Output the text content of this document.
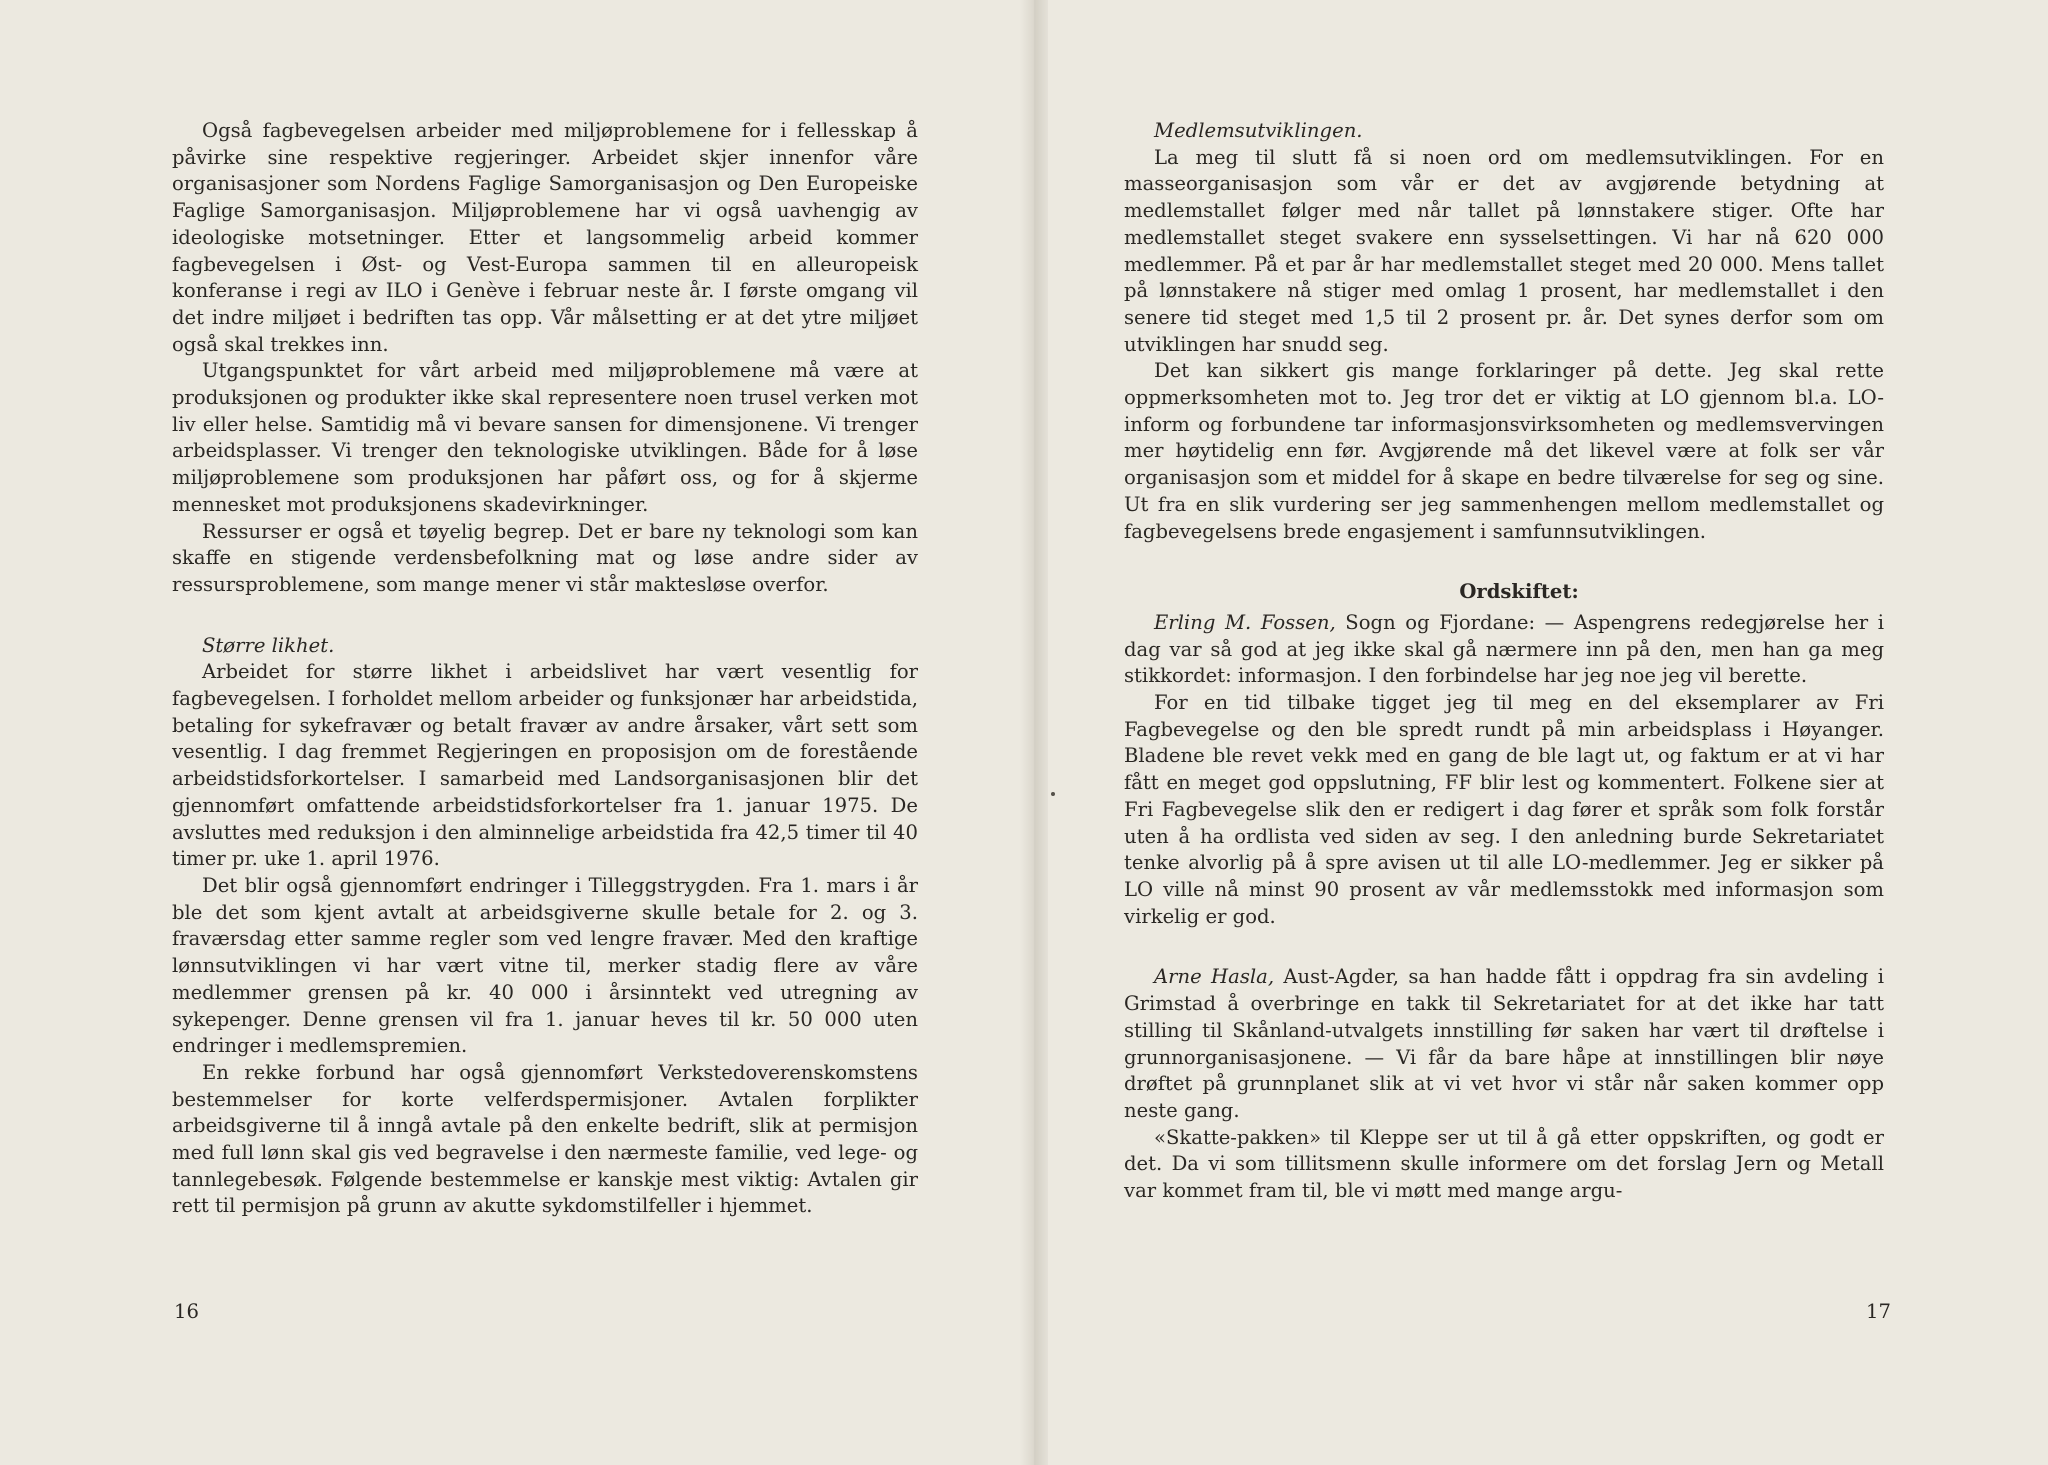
Også fagbevegelsen arbeider med miljøproblemene for i fellesskap å påvirke sine respektive regjeringer. Arbeidet skjer innenfor våre organisasjoner som Nordens Faglige Samorganisasjon og Den Europeiske Faglige Samorganisasjon. Miljøproblemene har vi også uavhengig av ideologiske motsetninger. Etter et langsommelig arbeid kommer fagbevegelsen i Øst- og Vest-Europa sammen til en alleuropeisk konferanse i regi av ILO i Genève i februar neste år. I første omgang vil det indre miljøet i bedriften tas opp. Vår målsetting er at det ytre miljøet også skal trekkes inn.

Utgangspunktet for vårt arbeid med miljøproblemene må være at produksjonen og produkter ikke skal representere noen trusel verken mot liv eller helse. Samtidig må vi bevare sansen for dimensjonene. Vi trenger arbeidsplasser. Vi trenger den teknologiske utviklingen. Både for å løse miljøproblemene som produksjonen har påført oss, og for å skjerme mennesket mot produksjonens skadevirkninger.

Ressurser er også et tøyelig begrep. Det er bare ny teknologi som kan skaffe en stigende verdensbefolkning mat og løse andre sider av ressursproblemene, som mange mener vi står maktesløse overfor.

Større likhet.

Arbeidet for større likhet i arbeidslivet har vært vesentlig for fagbevegelsen. I forholdet mellom arbeider og funksjonær har arbeidstida, betaling for sykefravær og betalt fravær av andre årsaker, vårt sett som vesentlig. I dag fremmet Regjeringen en proposisjon om de forestående arbeidstidsforkortelser. I samarbeid med Landsorganisasjonen blir det gjennomført omfattende arbeidstidsforkortelser fra 1. januar 1975. De avsluttes med reduksjon i den alminnelige arbeidstida fra 42,5 timer til 40 timer pr. uke 1. april 1976.

Det blir også gjennomført endringer i Tilleggstrygden. Fra 1. mars i år ble det som kjent avtalt at arbeidsgiverne skulle betale for 2. og 3. fraværsdag etter samme regler som ved lengre fravær. Med den kraftige lønnsutviklingen vi har vært vitne til, merker stadig flere av våre medlemmer grensen på kr. 40 000 i årsinntekt ved utregning av sykepenger. Denne grensen vil fra 1. januar heves til kr. 50 000 uten endringer i medlemspremien.

En rekke forbund har også gjennomført Verkstedoverenskomstens bestemmelser for korte velferdspermisjoner. Avtalen forplikter arbeidsgiverne til å inngå avtale på den enkelte bedrift, slik at permisjon med full lønn skal gis ved begravelse i den nærmeste familie, ved lege- og tannlegebesøk. Følgende bestemmelse er kanskje mest viktig: Avtalen gir rett til permisjon på grunn av akutte sykdomstilfeller i hjemmet.

16

Medlemsutviklingen.

La meg til slutt få si noen ord om medlemsutviklingen. For en masseorganisasjon som vår er det av avgjørende betydning at medlemstallet følger med når tallet på lønnstakere stiger. Ofte har medlemstallet steget svakere enn sysselsettingen. Vi har nå 620 000 medlemmer. På et par år har medlemstallet steget med 20 000. Mens tallet på lønnstakere nå stiger med omlag 1 prosent, har medlemstallet i den senere tid steget med 1,5 til 2 prosent pr. år. Det synes derfor som om utviklingen har snudd seg.

Det kan sikkert gis mange forklaringer på dette. Jeg skal rette oppmerksomheten mot to. Jeg tror det er viktig at LO gjennom bl.a. LO-inform og forbundene tar informasjonsvirksomheten og medlemsvervingen mer høytidelig enn før. Avgjørende må det likevel være at folk ser vår organisasjon som et middel for å skape en bedre tilværelse for seg og sine. Ut fra en slik vurdering ser jeg sammenhengen mellom medlemstallet og fagbevegelsens brede engasjement i samfunnsutviklingen.

Ordskiftet:

Erling M. Fossen, Sogn og Fjordane: — Aspengrens redegjørelse her i dag var så god at jeg ikke skal gå nærmere inn på den, men han ga meg stikkordet: informasjon. I den forbindelse har jeg noe jeg vil berette.

For en tid tilbake tigget jeg til meg en del eksemplarer av Fri Fagbevegelse og den ble spredt rundt på min arbeidsplass i Høyanger. Bladene ble revet vekk med en gang de ble lagt ut, og faktum er at vi har fått en meget god oppslutning, FF blir lest og kommentert. Folkene sier at Fri Fagbevegelse slik den er redigert i dag fører et språk som folk forstår uten å ha ordlista ved siden av seg. I den anledning burde Sekretariatet tenke alvorlig på å spre avisen ut til alle LO-medlemmer. Jeg er sikker på LO ville nå minst 90 prosent av vår medlemsstokk med informasjon som virkelig er god.

Arne Hasla, Aust-Agder, sa han hadde fått i oppdrag fra sin avdeling i Grimstad å overbringe en takk til Sekretariatet for at det ikke har tatt stilling til Skånland-utvalgets innstilling før saken har vært til drøftelse i grunnorganisasjonene. — Vi får da bare håpe at innstillingen blir nøye drøftet på grunnplanet slik at vi vet hvor vi står når saken kommer opp neste gang.

«Skatte-pakken» til Kleppe ser ut til å gå etter oppskriften, og godt er det. Da vi som tillitsmenn skulle informere om det forslag Jern og Metall var kommet fram til, ble vi møtt med mange argu-

17
